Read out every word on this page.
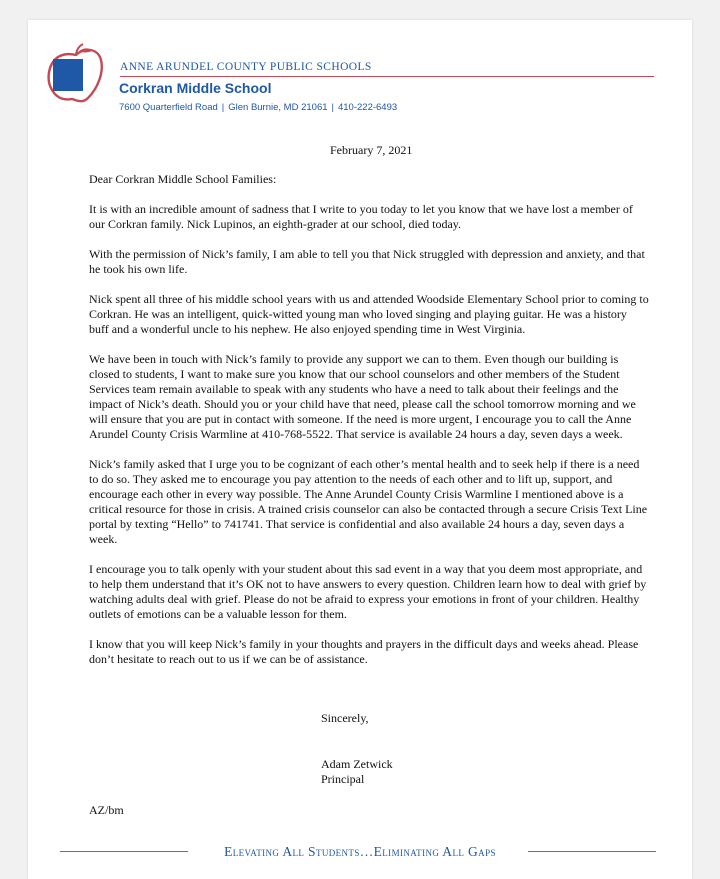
ANNE ARUNDEL COUNTY PUBLIC SCHOOLS
Corkran Middle School
7600 Quarterfield Road | Glen Burnie, MD 21061 | 410-222-6493
February 7, 2021

Dear Corkran Middle School Families:

It is with an incredible amount of sadness that I write to you today to let you know that we have lost a member of our Corkran family. Nick Lupinos, an eighth-grader at our school, died today.

With the permission of Nick’s family, I am able to tell you that Nick struggled with depression and anxiety, and that he took his own life.

Nick spent all three of his middle school years with us and attended Woodside Elementary School prior to coming to Corkran. He was an intelligent, quick-witted young man who loved singing and playing guitar. He was a history buff and a wonderful uncle to his nephew. He also enjoyed spending time in West Virginia.

We have been in touch with Nick’s family to provide any support we can to them. Even though our building is closed to students, I want to make sure you know that our school counselors and other members of the Student Services team remain available to speak with any students who have a need to talk about their feelings and the impact of Nick’s death. Should you or your child have that need, please call the school tomorrow morning and we will ensure that you are put in contact with someone. If the need is more urgent, I encourage you to call the Anne Arundel County Crisis Warmline at 410-768-5522. That service is available 24 hours a day, seven days a week.

Nick’s family asked that I urge you to be cognizant of each other’s mental health and to seek help if there is a need to do so. They asked me to encourage you pay attention to the needs of each other and to lift up, support, and encourage each other in every way possible. The Anne Arundel County Crisis Warmline I mentioned above is a critical resource for those in crisis. A trained crisis counselor can also be contacted through a secure Crisis Text Line portal by texting “Hello” to 741741. That service is confidential and also available 24 hours a day, seven days a week.

I encourage you to talk openly with your student about this sad event in a way that you deem most appropriate, and to help them understand that it’s OK not to have answers to every question. Children learn how to deal with grief by watching adults deal with grief. Please do not be afraid to express your emotions in front of your children. Healthy outlets of emotions can be a valuable lesson for them.

I know that you will keep Nick’s family in your thoughts and prayers in the difficult days and weeks ahead. Please don’t hesitate to reach out to us if we can be of assistance.

Sincerely,
Adam Zetwick
Principal
AZ/bm
Elevating All Students…Eliminating All Gaps
